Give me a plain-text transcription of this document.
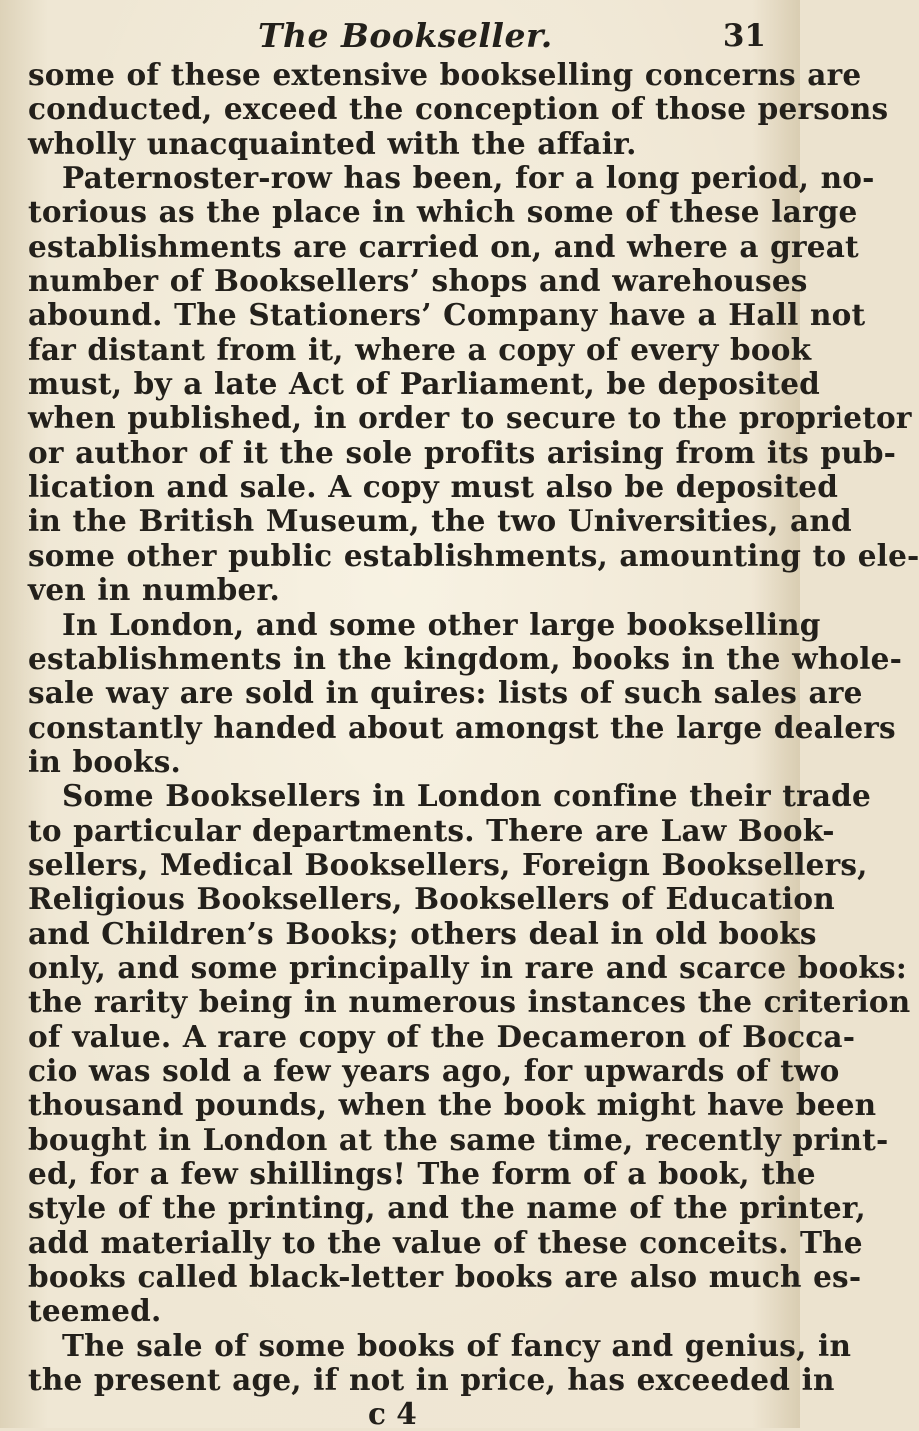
The Bookseller.	31
some of these extensive bookselling concerns are
conducted, exceed the conception of those persons
wholly unacquainted with the affair.
Paternoster-row has been, for a long period, no-
torious as the place in which some of these large
establishments are carried on, and where a great
number of Booksellers’ shops and warehouses
abound. The Stationers’ Company have a Hall not
far distant from it, where a copy of every book
must, by a late Act of Parliament, be deposited
when published, in order to secure to the proprietor
or author of it the sole profits arising from its pub-
lication and sale. A copy must also be deposited
in the British Museum, the two Universities, and
some other public establishments, amounting to ele-
ven in number.
In London, and some other large bookselling
establishments in the kingdom, books in the whole-
sale way are sold in quires: lists of such sales are
constantly handed about amongst the large dealers
in books.
Some Booksellers in London confine their trade
to particular departments. There are Law Book-
sellers, Medical Booksellers, Foreign Booksellers,
Religious Booksellers, Booksellers of Education
and Children’s Books; others deal in old books
only, and some principally in rare and scarce books:
the rarity being in numerous instances the criterion
of value. A rare copy of the Decameron of Bocca-
cio was sold a few years ago, for upwards of two
thousand pounds, when the book might have been
bought in London at the same time, recently print-
ed, for a few shillings! The form of a book, the
style of the printing, and the name of the printer,
add materially to the value of these conceits. The
books called black-letter books are also much es-
teemed.
The sale of some books of fancy and genius, in
the present age, if not in price, has exceeded in
c 4
